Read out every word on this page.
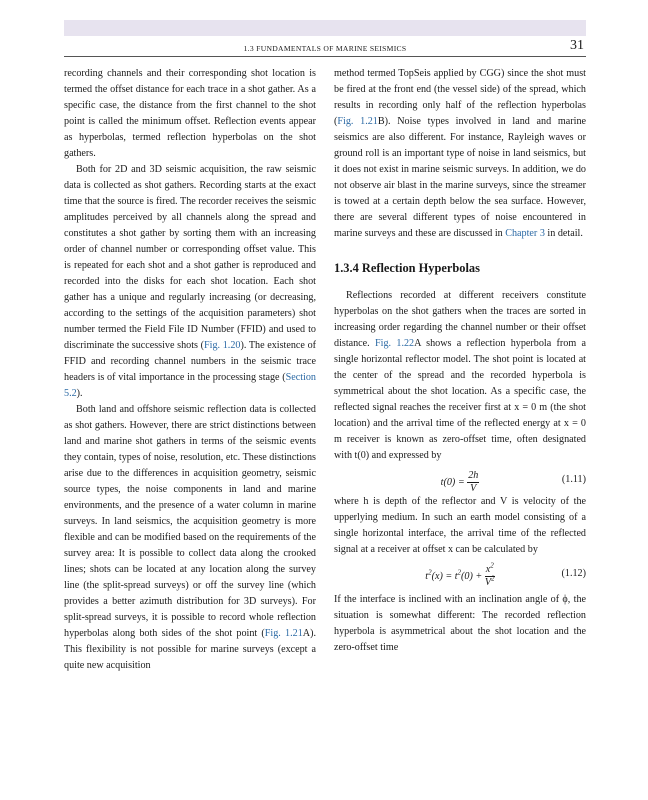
1.3 FUNDAMENTALS OF MARINE SEISMICS	31

recording channels and their corresponding shot location is termed the offset distance for each trace in a shot gather. As a specific case, the distance from the first channel to the shot point is called the minimum offset. Reflection events appear as hyperbolas, termed reflection hyperbolas on the shot gathers.

Both for 2D and 3D seismic acquisition, the raw seismic data is collected as shot gathers. Recording starts at the exact time that the source is fired. The recorder receives the seismic amplitudes perceived by all channels along the spread and constitutes a shot gather by sorting them with an increasing order of channel number or corresponding offset value. This is repeated for each shot and a shot gather is reproduced and recorded into the disks for each shot location. Each shot gather has a unique and regularly increasing (or decreasing, according to the settings of the acquisition parameters) shot number termed the Field File ID Number (FFID) and used to discriminate the successive shots (Fig. 1.20). The existence of FFID and recording channel numbers in the seismic trace headers is of vital importance in the processing stage (Section 5.2).

Both land and offshore seismic reflection data is collected as shot gathers. However, there are strict distinctions between land and marine shot gathers in terms of the seismic events they contain, types of noise, resolution, etc. These distinctions arise due to the differences in acquisition geometry, seismic source types, the noise components in land and marine environments, and the presence of a water column in marine surveys. In land seismics, the acquisition geometry is more flexible and can be modified based on the requirements of the survey area: It is possible to collect data along the crooked lines; shots can be located at any location along the survey line (the split-spread surveys) or off the survey line (which provides a better azimuth distribution for 3D surveys). For split-spread surveys, it is possible to record whole reflection hyperbolas along both sides of the shot point (Fig. 1.21A). This flexibility is not possible for marine surveys (except a quite new acquisition

method termed TopSeis applied by CGG) since the shot must be fired at the front end (the vessel side) of the spread, which results in recording only half of the reflection hyperbolas (Fig. 1.21B). Noise types involved in land and marine seismics are also different. For instance, Rayleigh waves or ground roll is an important type of noise in land seismics, but it does not exist in marine seismic surveys. In addition, we do not observe air blast in the marine surveys, since the streamer is towed at a certain depth below the sea surface. However, there are several different types of noise encountered in marine surveys and these are discussed in Chapter 3 in detail.

1.3.4 Reflection Hyperbolas

Reflections recorded at different receivers constitute hyperbolas on the shot gathers when the traces are sorted in increasing order regarding the channel number or their offset distance. Fig. 1.22A shows a reflection hyperbola from a single horizontal reflector model. The shot point is located at the center of the spread and the recorded hyperbola is symmetrical about the shot location. As a specific case, the reflected signal reaches the receiver first at x = 0 m (the shot location) and the arrival time of the reflected energy at x = 0 m receiver is known as zero-offset time, often designated with t(0) and expressed by

$t(0) = \frac{2h}{V}$	(1.11)

where h is depth of the reflector and V is velocity of the upperlying medium. In such an earth model consisting of a single horizontal interface, the arrival time of the reflected signal at a receiver at offset x can be calculated by

$t^2(x) = t^2(0) + \frac{x^2}{V^2}$	(1.12)

If the interface is inclined with an inclination angle of ϕ, the situation is somewhat different: The recorded reflection hyperbola is asymmetrical about the shot location and the zero-offset time
